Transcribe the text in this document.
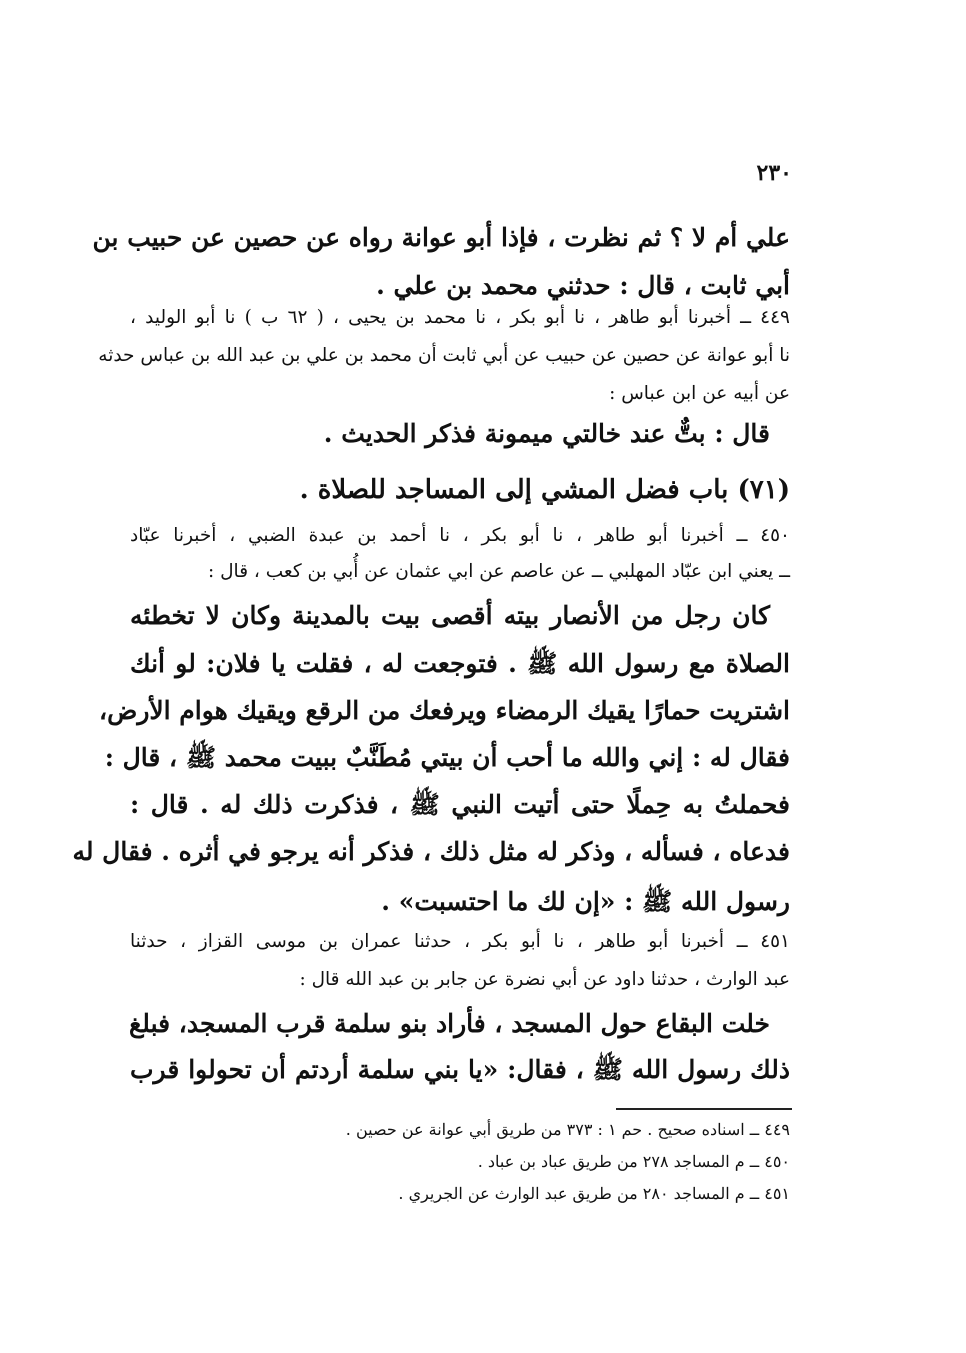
٢٣٠
علي أم لا ؟ ثم نظرت ، فإذا أبو عوانة رواه عن حصين عن حبيب بن
أبي ثابت ، قال : حدثني محمد بن علي .
٤٤٩ ــ أخبرنا أبو طاهر ، نا أبو بكر ، نا محمد بن يحيى ، ( ٦٢ ب ) نا أبو الوليد ،
نا أبو عوانة عن حصين عن حبيب عن أبي ثابت أن محمد بن علي بن عبد الله بن عباس حدثه
عن أبيه عن ابن عباس :
قال : بتٌّ عند خالتي ميمونة فذكر الحديث .
(٧١) باب فضل المشي إلى المساجد للصلاة .
٤٥٠ ــ أخبرنا أبو طاهر ، نا أبو بكر ، نا أحمد بن عبدة الضبي ، أخبرنا عبّاد
ــ يعني ابن عبّاد المهلبي ــ عن عاصم عن ابي عثمان عن أُبي بن كعب ، قال :
كان رجل من الأنصار بيته أقصى بيت بالمدينة وكان لا تخطئه
الصلاة مع رسول الله ﷺ . فتوجعت له ، فقلت يا فلان: لو أنك
اشتريت حمارًا يقيك الرمضاء ويرفعك من الرقع ويقيك هوام الأرض،
فقال له : إني والله ما أحب أن بيتي مُطَنَّبٌ ببيت محمد ﷺ ، قال :
فحملتُ به حِملًا حتى أتيت النبي ﷺ ، فذكرت ذلك له . قال :
فدعاه ، فسأله ، وذكر له مثل ذلك ، فذكر أنه يرجو في أثره . فقال له
رسول الله ﷺ : «إن لك ما احتسبت» .
٤٥١ ــ أخبرنا أبو طاهر ، نا أبو بكر ، حدثنا عمران بن موسى القزاز ، حدثنا
عبد الوارث ، حدثنا داود عن أبي نضرة عن جابر بن عبد الله قال :
خلت البقاع حول المسجد ، فأراد بنو سلمة قرب المسجد، فبلغ
ذلك رسول الله ﷺ ، فقال: «يا بني سلمة أردتم أن تحولوا قرب
٤٤٩ ــ اسناده صحيح . حم ١ : ٣٧٣ من طريق أبي عوانة عن حصين .
٤٥٠ ــ م المساجد ٢٧٨ من طريق عباد بن عباد .
٤٥١ ــ م المساجد ٢٨٠ من طريق عبد الوارث عن الجريري .
